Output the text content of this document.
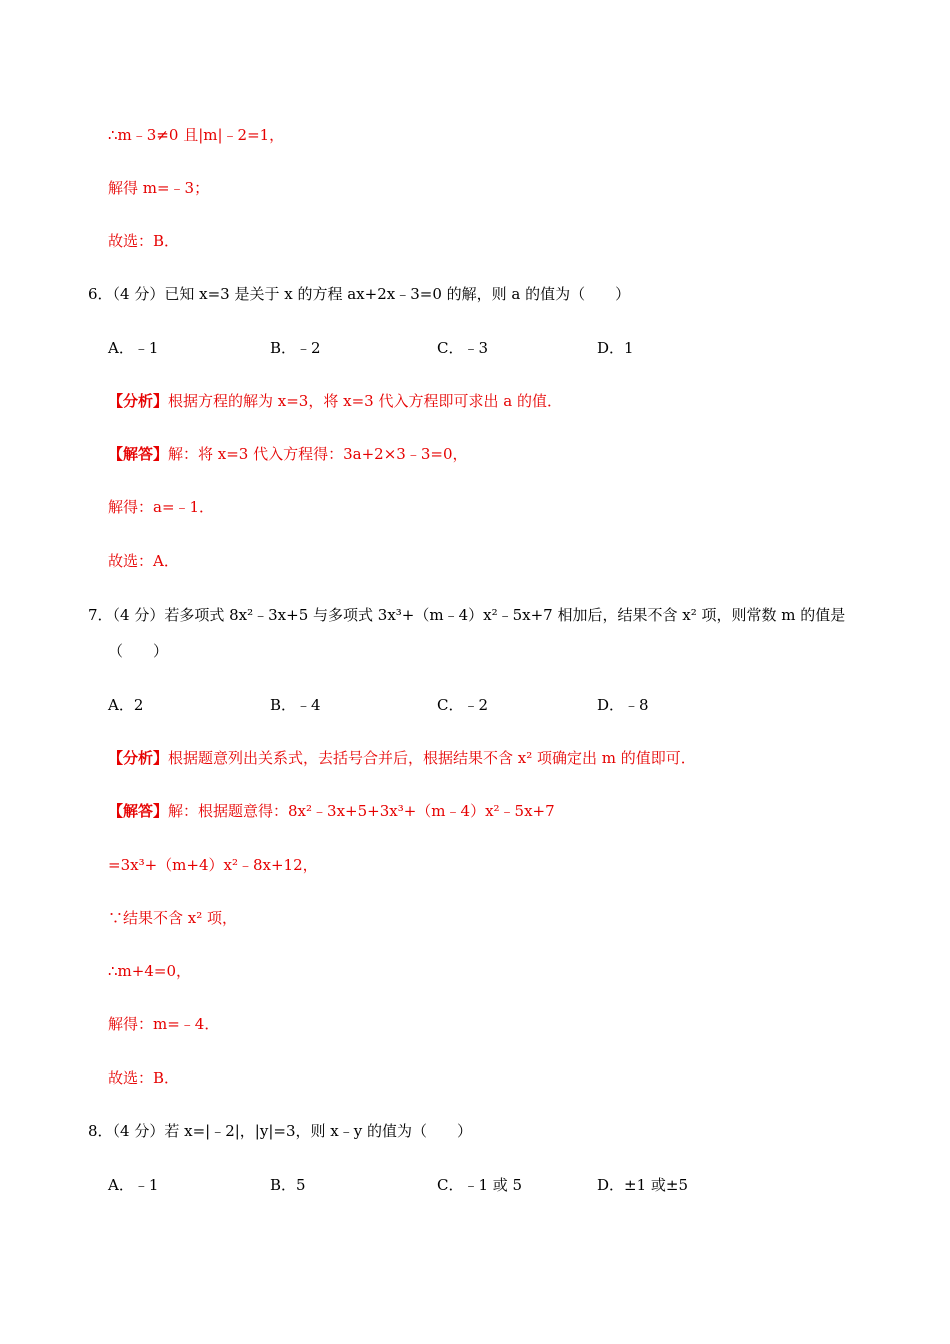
∴m﹣3≠0 且|m|﹣2=1，
解得 m=﹣3；
故选：B．
6．（4 分）已知 x=3 是关于 x 的方程 ax+2x﹣3=0 的解，则 a 的值为（　　）
A．﹣1	B．﹣2	C．﹣3	D．1
【分析】根据方程的解为 x=3，将 x=3 代入方程即可求出 a 的值．
【解答】解：将 x=3 代入方程得：3a+2×3﹣3=0，
解得：a=﹣1．
故选：A．
7．（4 分）若多项式 8x²﹣3x+5 与多项式 3x³+（m﹣4）x²﹣5x+7 相加后，结果不含 x² 项，则常数 m 的值是
（　　）
A．2	B．﹣4	C．﹣2	D．﹣8
【分析】根据题意列出关系式，去括号合并后，根据结果不含 x² 项确定出 m 的值即可．
【解答】解：根据题意得：8x²﹣3x+5+3x³+（m﹣4）x²﹣5x+7
=3x³+（m+4）x²﹣8x+12，
∵结果不含 x² 项，
∴m+4=0，
解得：m=﹣4．
故选：B．
8．（4 分）若 x=|﹣2|，|y|=3，则 x﹣y 的值为（　　）
A．﹣1	B．5	C．﹣1 或 5	D．±1 或±5
